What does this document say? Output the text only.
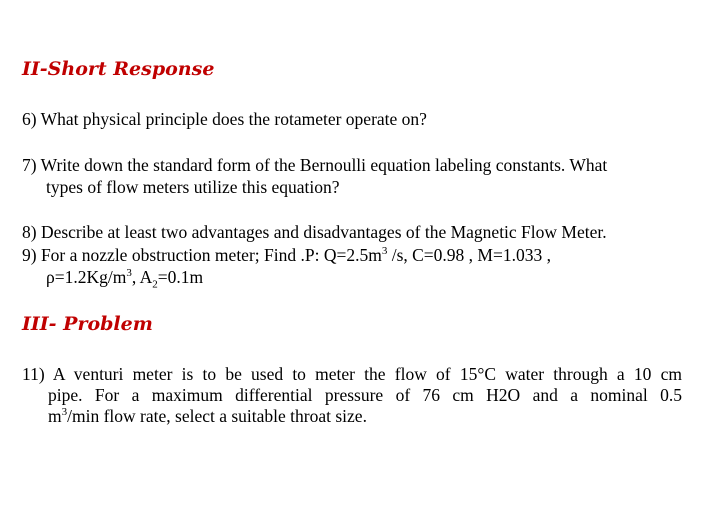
II-Short Response

6) What physical principle does the rotameter operate on?

7) Write down the standard form of the Bernoulli equation labeling constants. What
types of flow meters utilize this equation?

8) Describe at least two advantages and disadvantages of the Magnetic Flow Meter.

9) For a nozzle obstruction meter; Find .P: $Q=2.5m^3$ /s, C=0.98 , M=1.033 ,
$\rho=1.2Kg/m^3$, $A_2=0.1m$

III- Problem
11) A venturi meter is to be used to meter the flow of 15°C water through a 10 cm
pipe. For a maximum differential pressure of 76 cm H2O and a nominal 0.5
$m^3/\min$ flow rate, select a suitable throat size.
